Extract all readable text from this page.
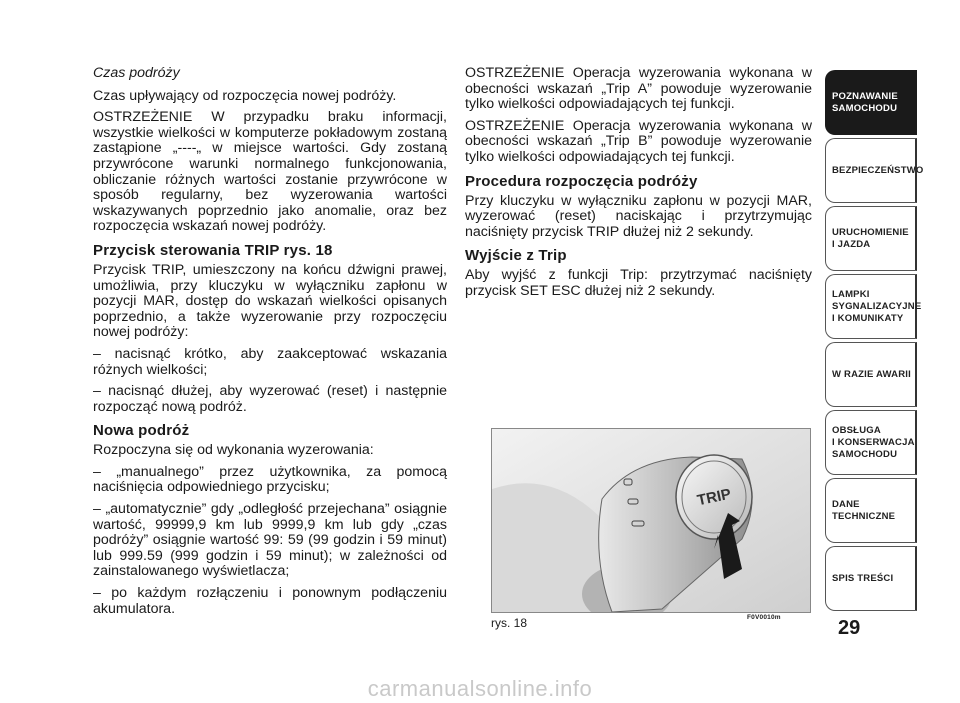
Czas podróży

Czas upływający od rozpoczęcia nowej podróży.

OSTRZEŻENIE W przypadku braku informacji, wszystkie wielkości w komputerze pokładowym zostaną zastąpione „----„ w miejsce wartości. Gdy zostaną przywrócone warunki normalnego funkcjonowania, obliczanie różnych wartości zostanie przywrócone w sposób regularny, bez wyzerowania wartości wskazywanych poprzednio jako anomalie, oraz bez rozpoczęcia wskazań nowej podróży.

Przycisk sterowania TRIP rys. 18

Przycisk TRIP, umieszczony na końcu dźwigni prawej, umożliwia, przy kluczyku w wyłączniku zapłonu w pozycji MAR, dostęp do wskazań wielkości opisanych poprzednio, a także wyzerowanie przy rozpoczęciu nowej podróży:

– nacisnąć krótko, aby zaakceptować wskazania różnych wielkości;

– nacisnąć dłużej, aby wyzerować (reset) i następnie rozpocząć nową podróż.

Nowa podróż

Rozpoczyna się od wykonania wyzerowania:

– „manualnego” przez użytkownika, za pomocą naciśnięcia odpowiedniego przycisku;

– „automatycznie” gdy „odległość przejechana” osiągnie wartość, 99999,9 km lub 9999,9 km lub gdy „czas podróży” osiągnie wartość 99: 59 (99 godzin i 59 minut) lub 999.59 (999 godzin i 59 minut); w zależności od zainstalowanego wyświetlacza;

– po każdym rozłączeniu i ponownym podłączeniu akumulatora.

OSTRZEŻENIE Operacja wyzerowania wykonana w obecności wskazań „Trip A” powoduje wyzerowanie tylko wielkości odpowiadających tej funkcji.

OSTRZEŻENIE Operacja wyzerowania wykonana w obecności wskazań „Trip B” powoduje wyzerowanie tylko wielkości odpowiadających tej funkcji.

Procedura rozpoczęcia podróży

Przy kluczyku w wyłączniku zapłonu w pozycji MAR, wyzerować (reset) naciskając i przytrzymując naciśnięty przycisk TRIP dłużej niż 2 sekundy.

Wyjście z Trip

Aby wyjść z funkcji Trip: przytrzymać naciśnięty przycisk SET ESC dłużej niż 2 sekundy.

TRIP
rys. 18	F0V0010m
POZNAWANIE
SAMOCHODU
BEZPIECZEŃSTWO
URUCHOMIENIE
I JAZDA
LAMPKI
SYGNALIZACYJNE
I KOMUNIKATY
W RAZIE AWARII
OBSŁUGA
I KONSERWACJA
SAMOCHODU
DANE
TECHNICZNE
SPIS TREŚCI
29
carmanualsonline.info
